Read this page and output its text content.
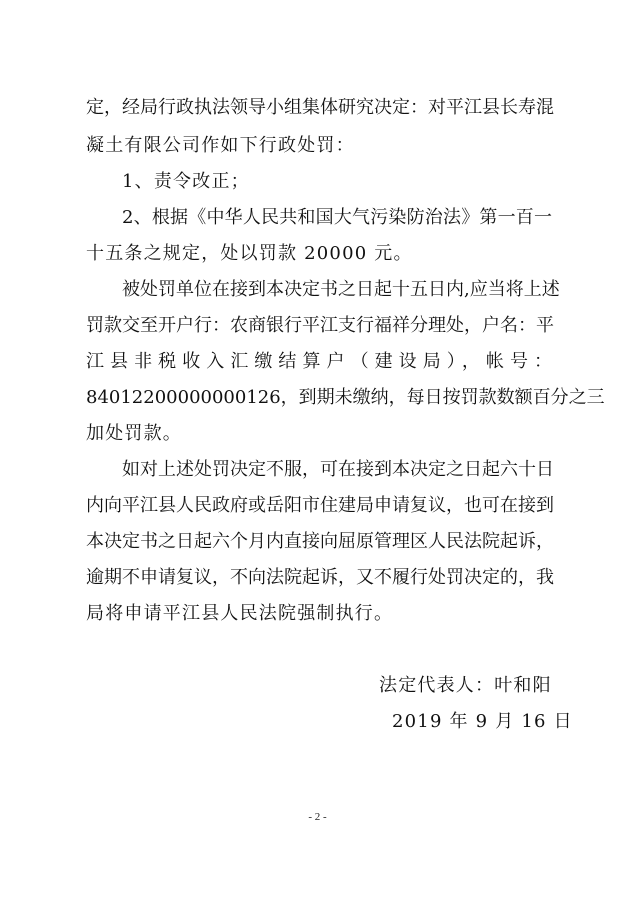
定，经局行政执法领导小组集体研究决定：对平江县长寿混
凝土有限公司作如下行政处罚：
1、责令改正；
2、根据《中华人民共和国大气污染防治法》第一百一
十五条之规定，处以罚款 20000 元。
被处罚单位在接到本决定书之日起十五日内,应当将上述
罚款交至开户行：农商银行平江支行福祥分理处，户名：平
江县非税收入汇缴结算户（建设局），帐号：
84012200000000126，到期未缴纳，每日按罚款数额百分之三
加处罚款。
如对上述处罚决定不服，可在接到本决定之日起六十日
内向平江县人民政府或岳阳市住建局申请复议，也可在接到
本决定书之日起六个月内直接向屈原管理区人民法院起诉，
逾期不申请复议，不向法院起诉，又不履行处罚决定的，我
局将申请平江县人民法院强制执行。
法定代表人：叶和阳
2019 年 9 月 16 日
- 2 -
